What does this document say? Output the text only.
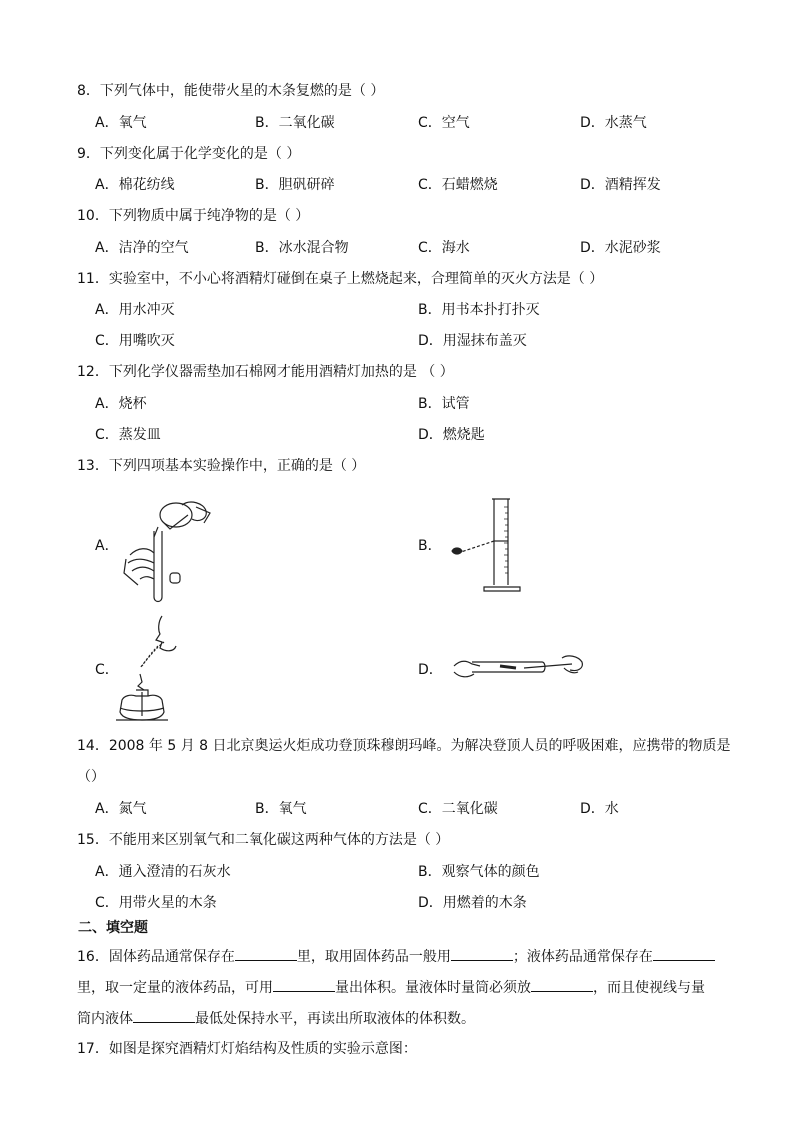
8．下列气体中，能使带火星的木条复燃的是（ ）
A．氧气	B．二氧化碳	C．空气	D．水蒸气
9．下列变化属于化学变化的是（ ）
A．棉花纺线	B．胆矾研碎	C．石蜡燃烧	D．酒精挥发
10．下列物质中属于纯净物的是（ ）
A．洁净的空气	B．冰水混合物	C．海水	D．水泥砂浆
11．实验室中，不小心将酒精灯碰倒在桌子上燃烧起来，合理简单的灭火方法是（ ）
A．用水冲灭	B．用书本扑打扑灭
C．用嘴吹灭	D．用湿抹布盖灭
12．下列化学仪器需垫加石棉网才能用酒精灯加热的是 （ ）
A．烧杯	B．试管
C．蒸发皿	D．燃烧匙
13．下列四项基本实验操作中，正确的是（ ）
A．	B．
C．	D．
14．2008 年 5 月 8 日北京奥运火炬成功登顶珠穆朗玛峰。为解决登顶人员的呼吸困难，应携带的物质是
（）
A．氮气	B．氧气	C．二氧化碳	D．水
15．不能用来区别氧气和二氧化碳这两种气体的方法是（ ）
A．通入澄清的石灰水	B．观察气体的颜色
C．用带火星的木条	D．用燃着的木条
二、填空题
16．固体药品通常保存在	里，取用固体药品一般用	；液体药品通常保存在
里，取一定量的液体药品，可用	量出体积。量液体时量筒必须放	，而且使视线与量
筒内液体	最低处保持水平，再读出所取液体的体积数。
17．如图是探究酒精灯灯焰结构及性质的实验示意图：
